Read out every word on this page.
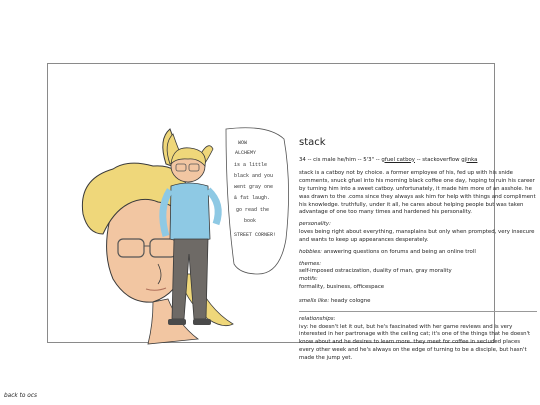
WOW
ALCHEMY
is a little
black and you
went gray one
& fat laugh.
go read the
book
STREET CORNER!
stack
34 -- cis male he/him -- 5'3" -- gfuel catboy -- stackoverflow gjinka

stack is a catboy not by choice. a former employee of his, fed up with his snide comments, snuck gfuel into his morning black coffee one day, hoping to ruin his career by turning him into a sweet catboy. unfortunately, it made him more of an asshole. he was drawn to the .coms since they always ask him for help with things and compliment his knowledge. truthfully, under it all, he cares about helping people but was taken advantage of one too many times and hardened his personality.

personality:
loves being right about everything, mansplains but only when prompted, very insecure and wants to keep up appearances desperately.
hobbies: answering questions on forums and being an online troll
themes:
self-imposed ostracization, duality of man, gray morality
motifs:
formality, business, officespace
smells like: heady cologne
relationships:
ivy: he doesn't let it out, but he's fascinated with her game reviews and is very interested in her partronage with the ceiling cat; it's one of the things that he doesn't know about and he desires to learn more. they meet for coffee in secluded places every other week and he's always on the edge of turning to be a disciple, but hasn't made the jump yet.
back to ocs
